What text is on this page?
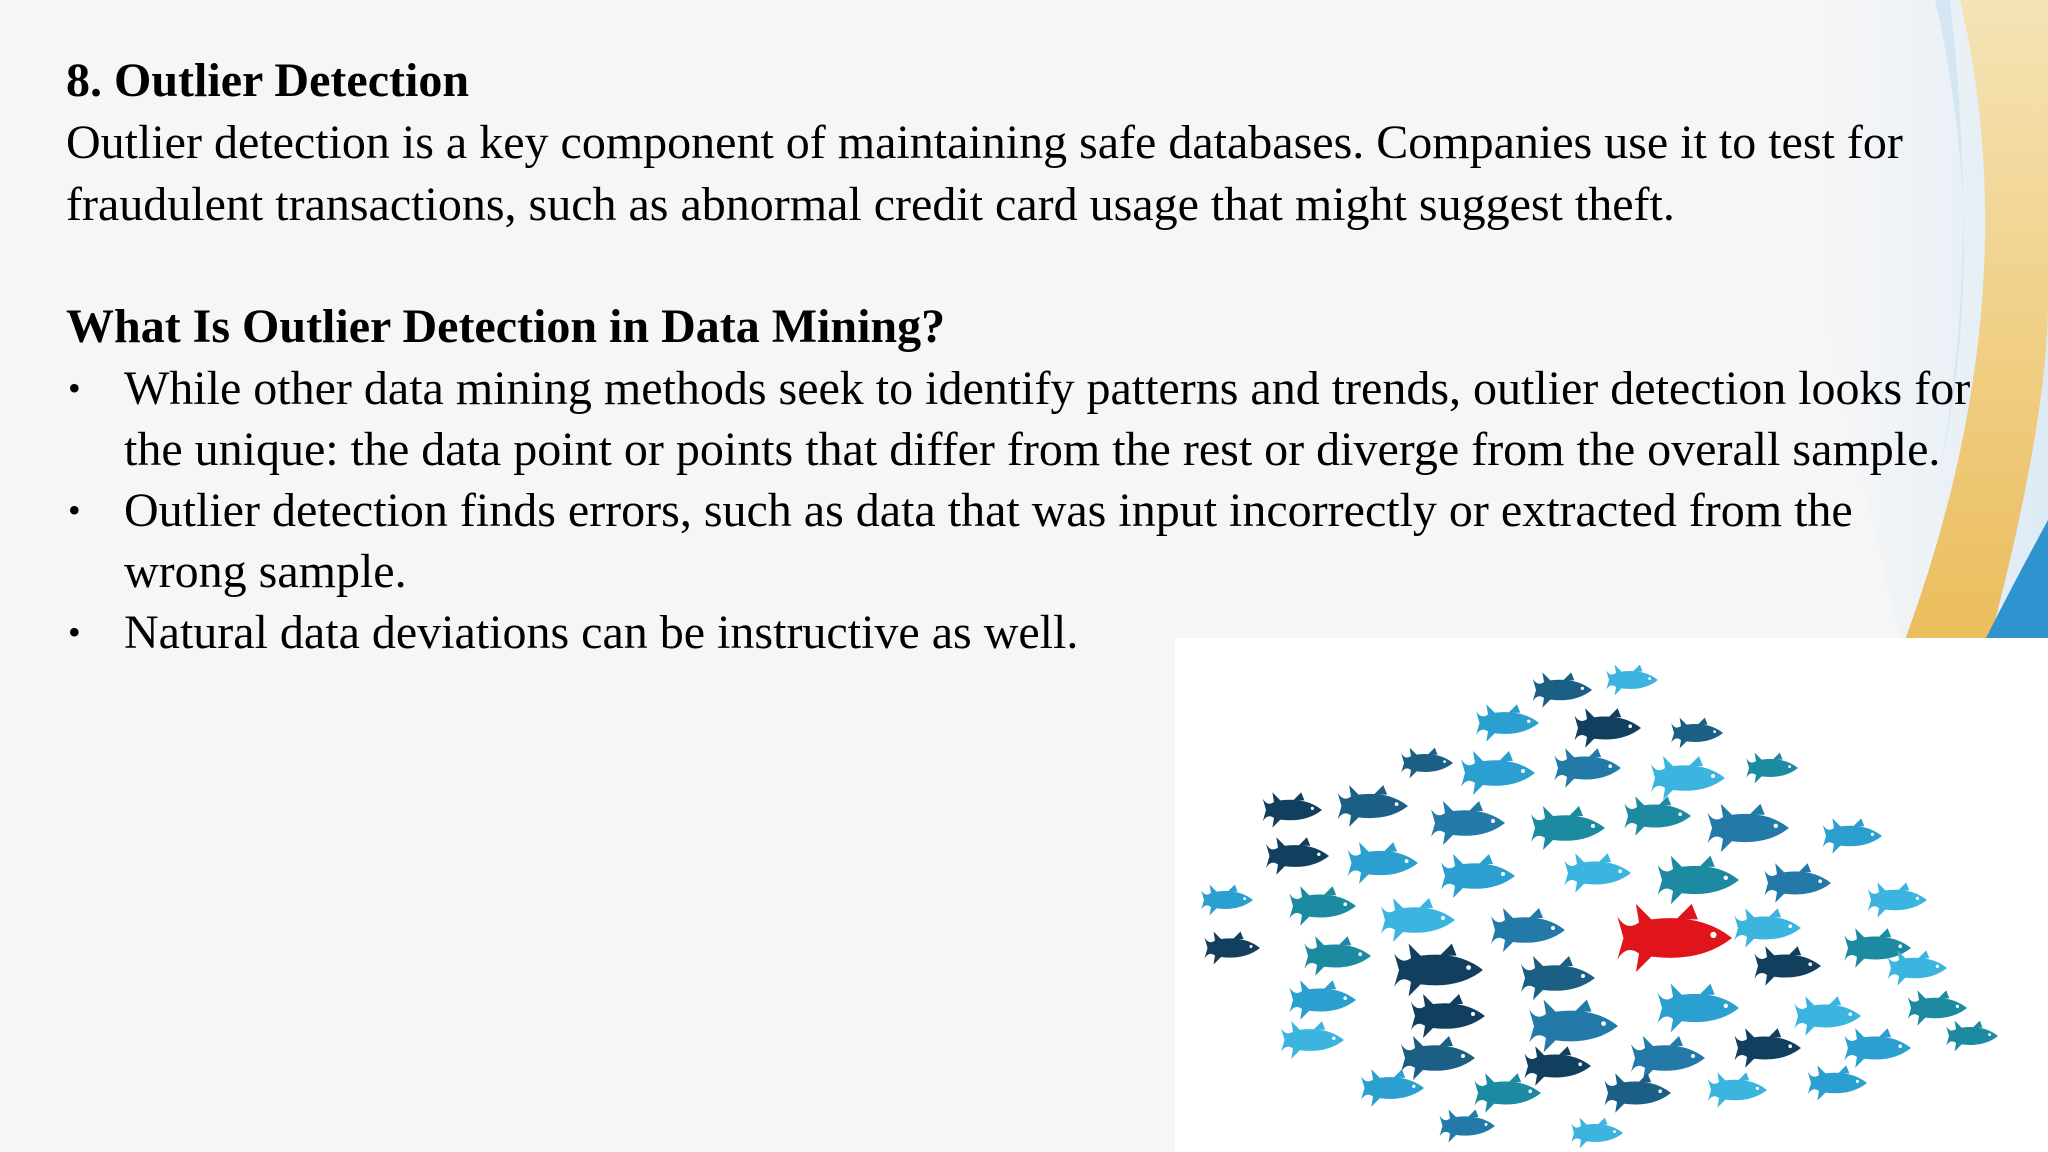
8. Outlier Detection

Outlier detection is a key component of maintaining safe databases. Companies use it to test for fraudulent transactions, such as abnormal credit card usage that might suggest theft.

What Is Outlier Detection in Data Mining?

• While other data mining methods seek to identify patterns and trends, outlier detection looks for the unique: the data point or points that differ from the rest or diverge from the overall sample.
• Outlier detection finds errors, such as data that was input incorrectly or extracted from the wrong sample.
• Natural data deviations can be instructive as well.
